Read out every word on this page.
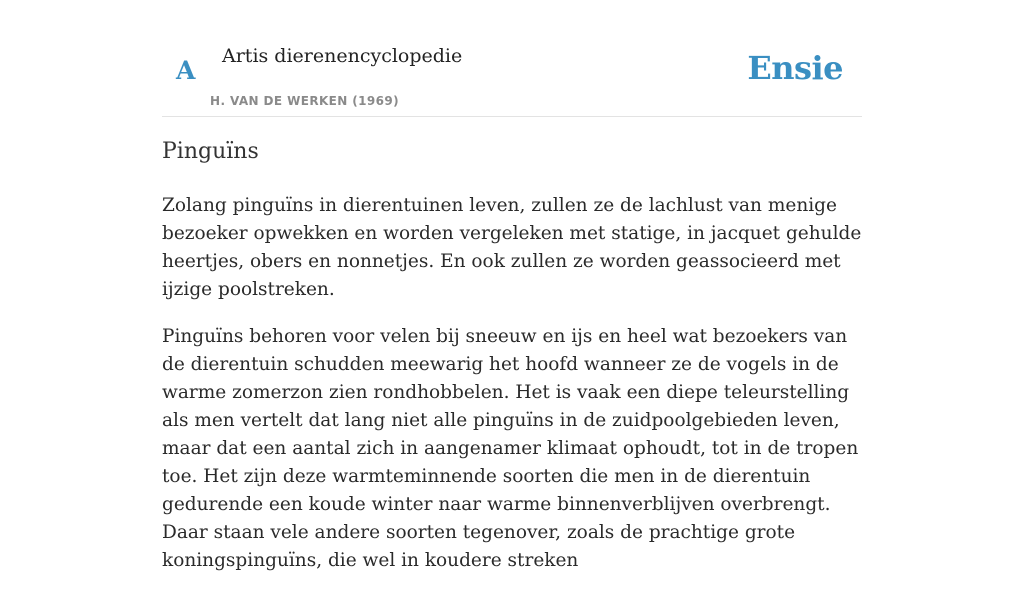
A Artis dierenencyclopedie
H. VAN DE WERKEN (1969)
Ensie
Pinguïns

Zolang pinguïns in dierentuinen leven, zullen ze de lachlust van menige bezoeker opwekken en worden vergeleken met statige, in jacquet gehulde heertjes, obers en nonnetjes. En ook zullen ze worden geassocieerd met ijzige poolstreken.

Pinguïns behoren voor velen bij sneeuw en ijs en heel wat bezoekers van de dierentuin schudden meewarig het hoofd wanneer ze de vogels in de warme zomerzon zien rondhobbelen. Het is vaak een diepe teleurstelling als men vertelt dat lang niet alle pinguïns in de zuidpoolgebieden leven, maar dat een aantal zich in aangenamer klimaat ophoudt, tot in de tropen toe. Het zijn deze warmteminnende soorten die men in de dierentuin gedurende een koude winter naar warme binnenverblijven overbrengt. Daar staan vele andere soorten tegenover, zoals de prachtige grote koningspinguïns, die wel in koudere streken
